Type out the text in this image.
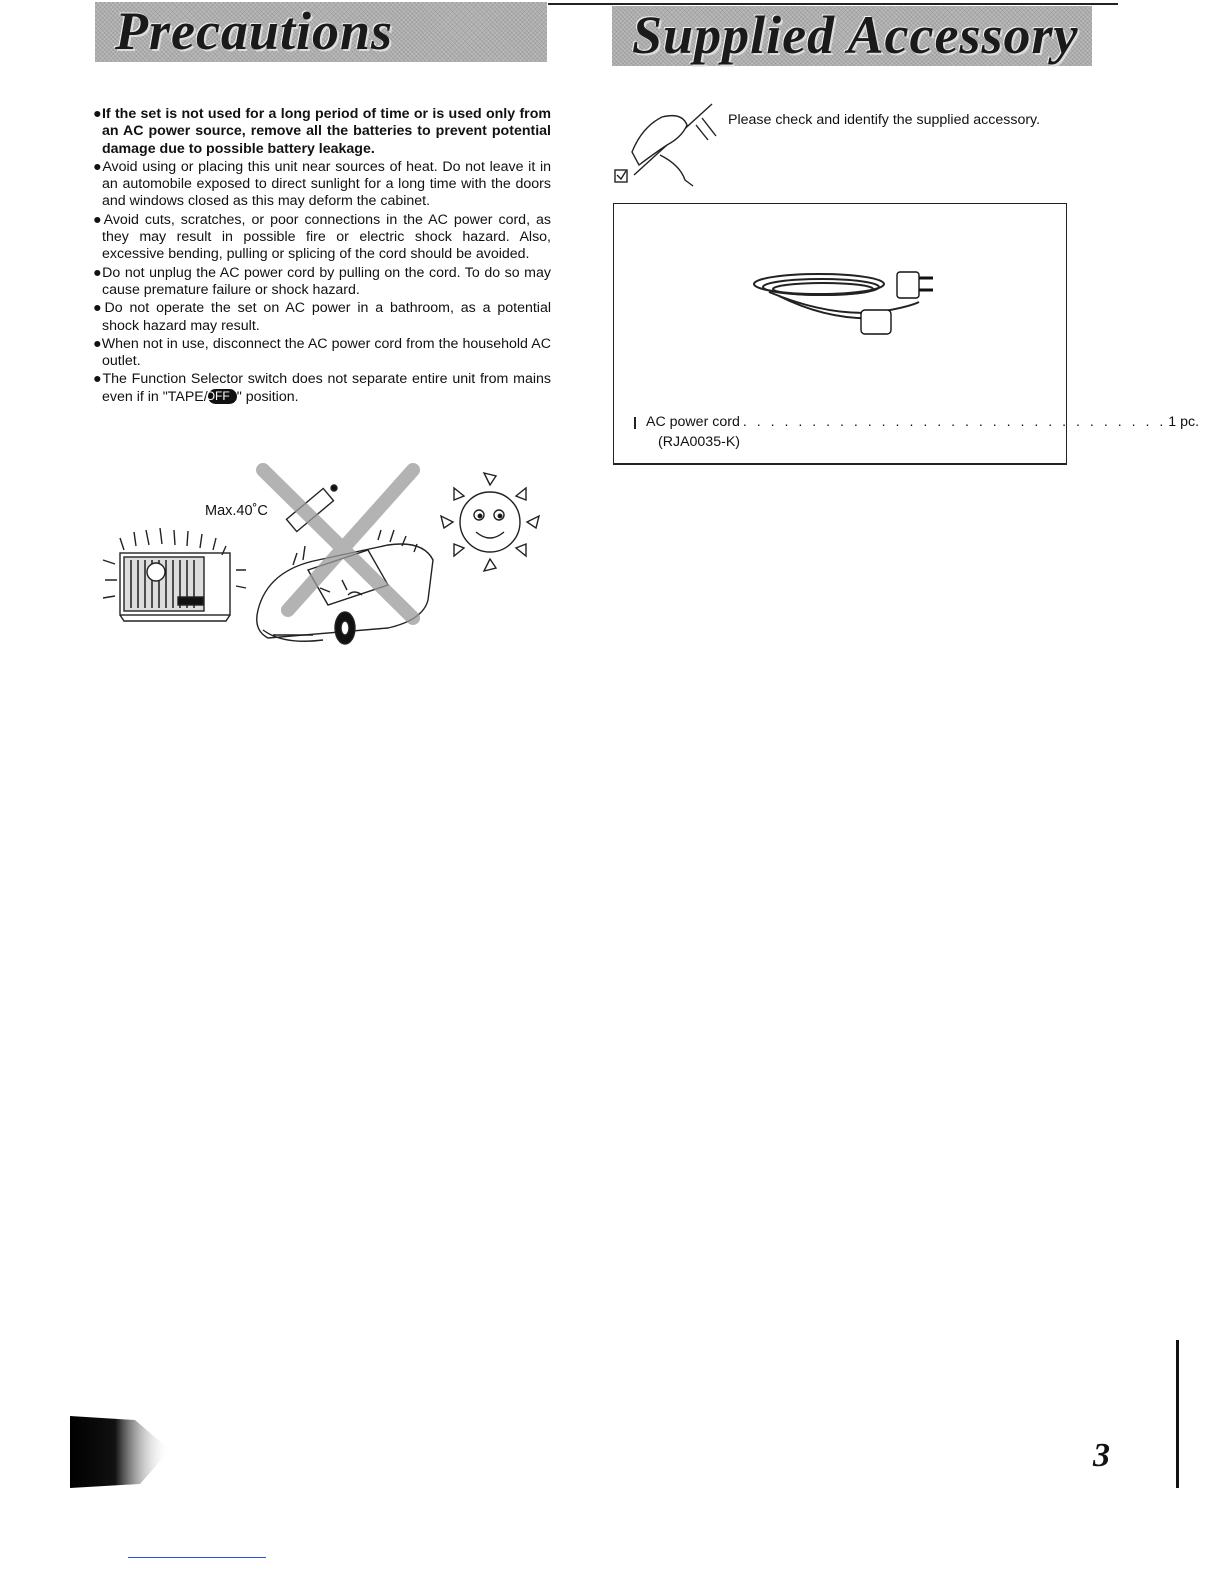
Precautions	Supplied Accessory

●If the set is not used for a long period of time or is used only from an AC power source, remove all the batteries to prevent potential damage due to possible battery leakage.

●Avoid using or placing this unit near sources of heat. Do not leave it in an automobile exposed to direct sunlight for a long time with the doors and windows closed as this may deform the cabinet.

●Avoid cuts, scratches, or poor connections in the AC power cord, as they may result in possible fire or electric shock hazard. Also, excessive bending, pulling or splicing of the cord should be avoided.

●Do not unplug the AC power cord by pulling on the cord. To do so may cause premature failure or shock hazard.

●Do not operate the set on AC power in a bathroom, as a potential shock hazard may result.

●When not in use, disconnect the AC power cord from the household AC outlet.

●The Function Selector switch does not separate entire unit from mains even if in "TAPE/OFF " position.

Max.40˚C
Please check and identify the supplied accessory.
AC power cord . . . . . . . . . . . . . . . . . . . . . . . . . . . . . . . 1 pc.
(RJA0035-K)
3
